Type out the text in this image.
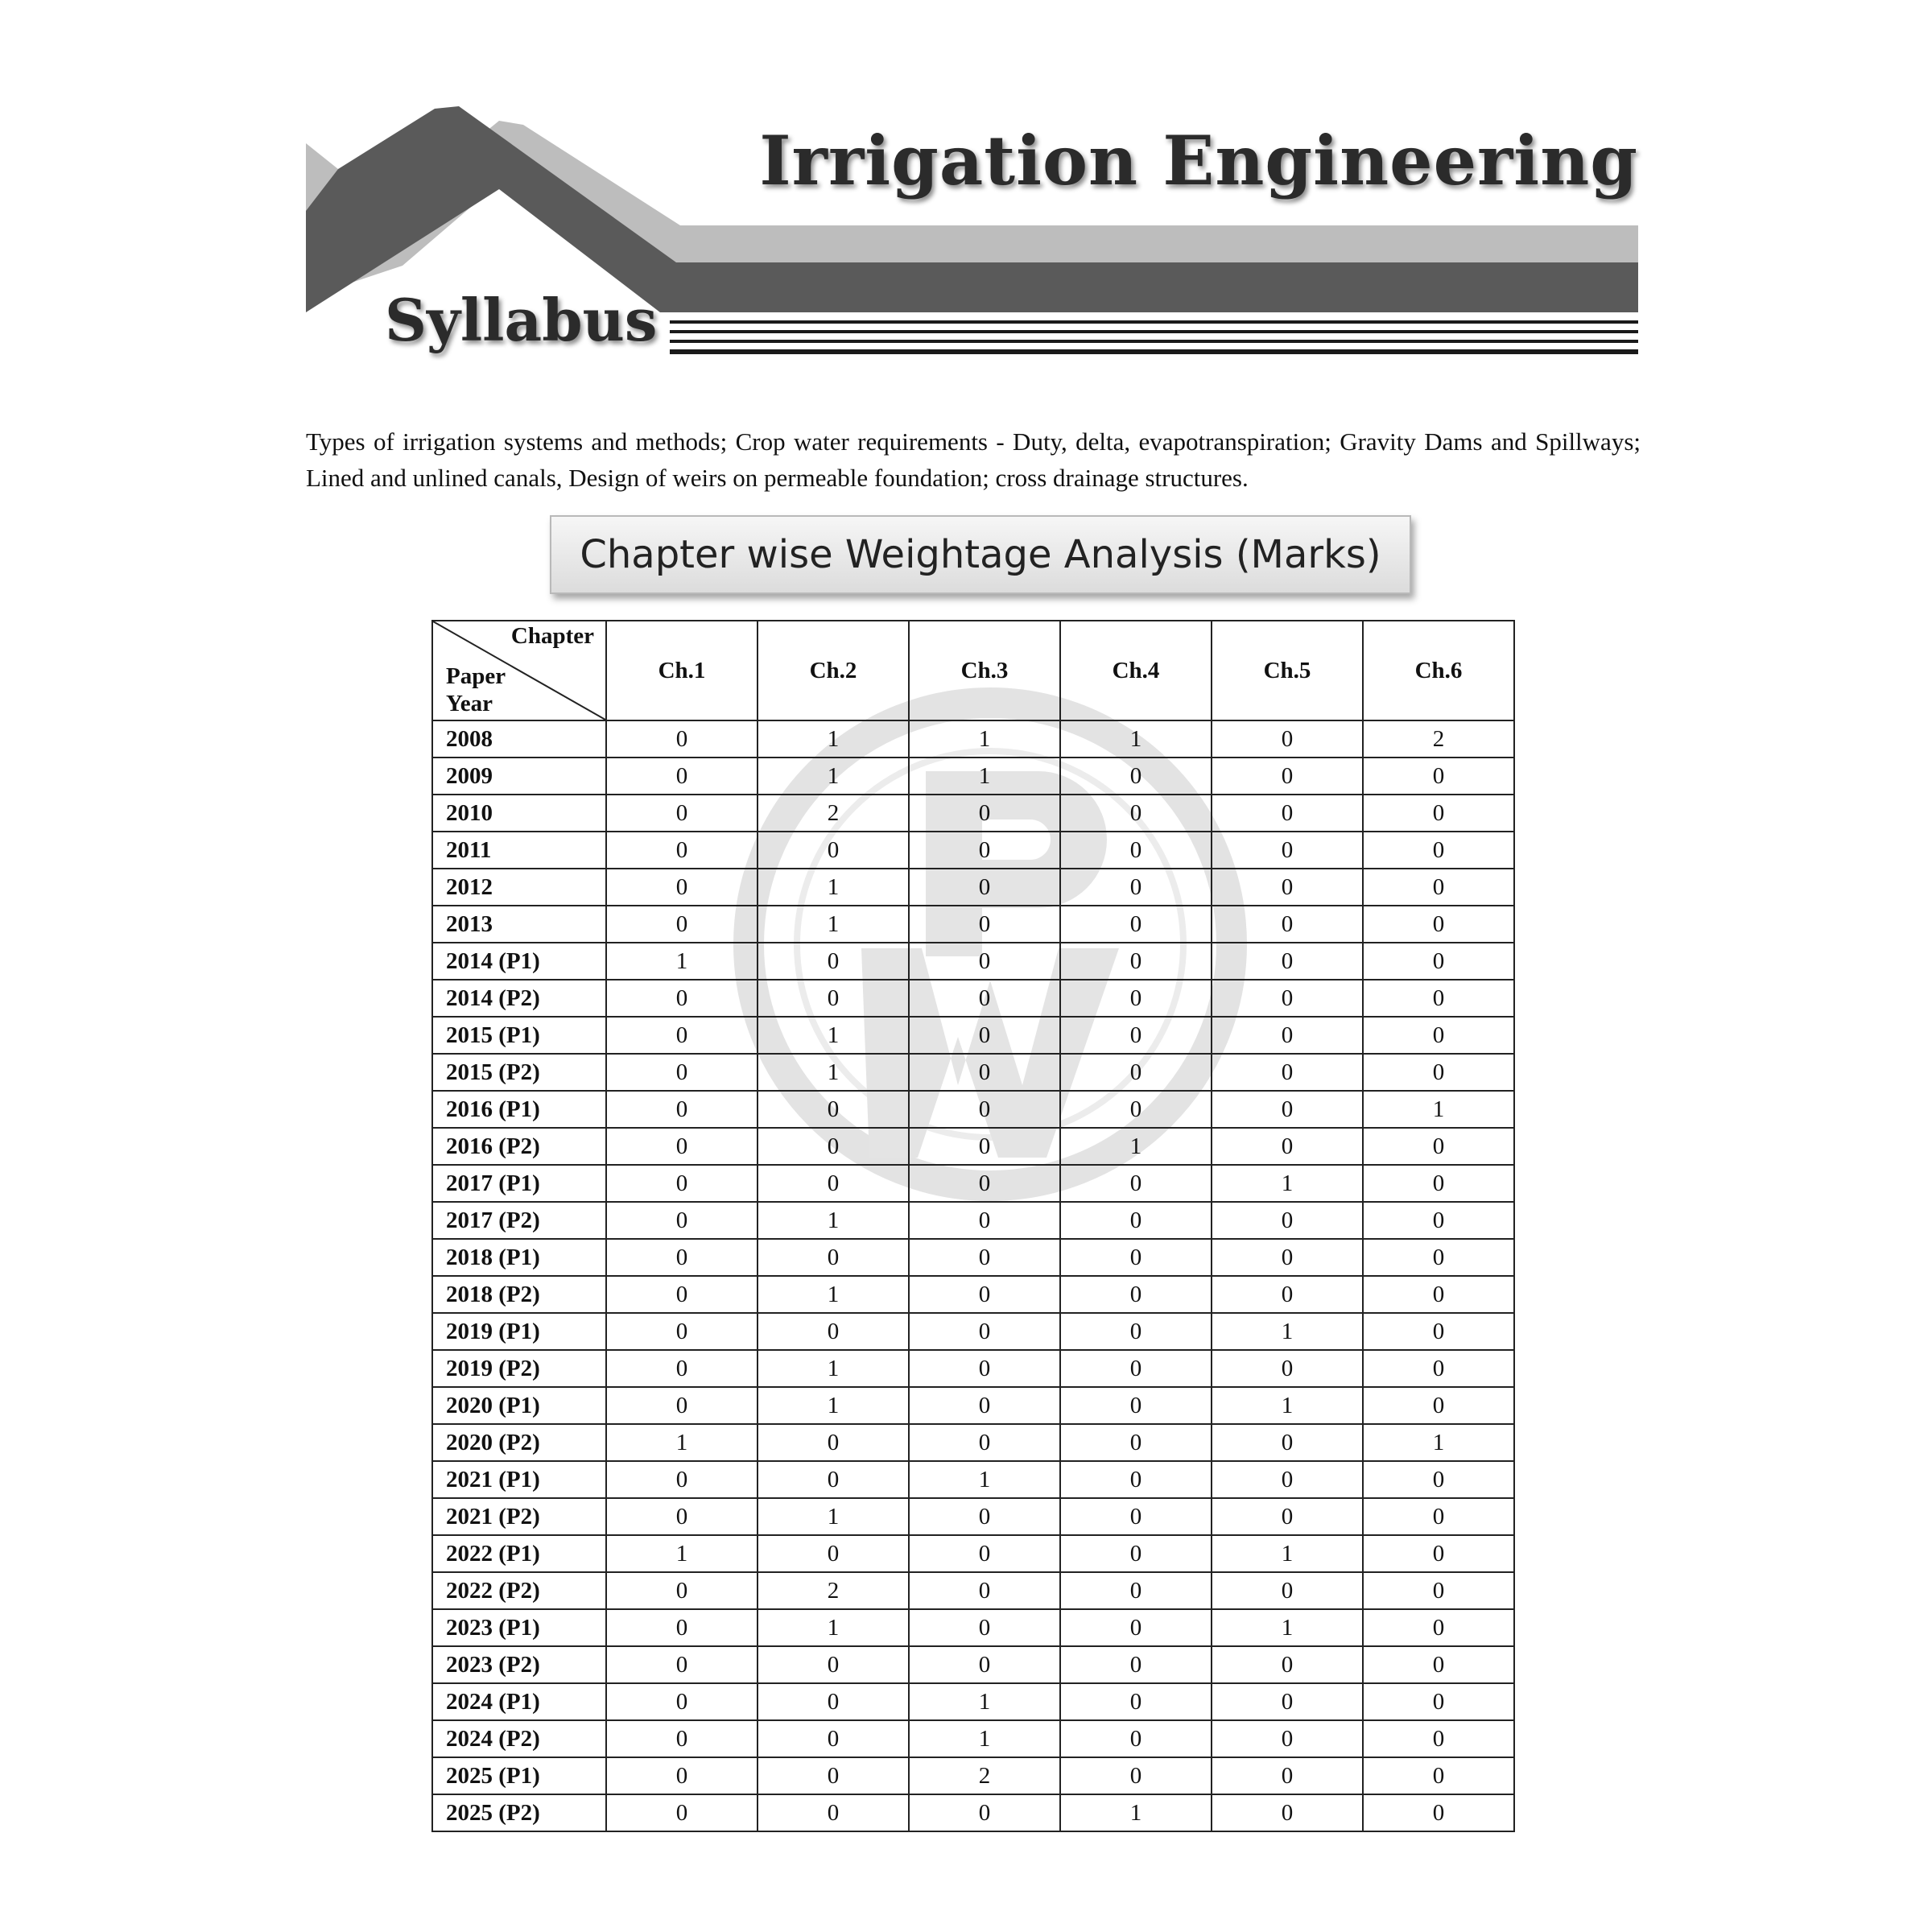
Irrigation Engineering
Syllabus

Types of irrigation systems and methods; Crop water requirements - Duty, delta, evapotranspiration; Gravity Dams and Spillways; Lined and unlined canals, Design of weirs on permeable foundation; cross drainage structures.

Chapter wise Weightage Analysis (Marks)
Chapter
Paper
Year	Ch.1	Ch.2	Ch.3	Ch.4	Ch.5	Ch.6
2008	0	1	1	1	0	2
2009	0	1	1	0	0	0
2010	0	2	0	0	0	0
2011	0	0	0	0	0	0
2012	0	1	0	0	0	0
2013	0	1	0	0	0	0
2014 (P1)	1	0	0	0	0	0
2014 (P2)	0	0	0	0	0	0
2015 (P1)	0	1	0	0	0	0
2015 (P2)	0	1	0	0	0	0
2016 (P1)	0	0	0	0	0	1
2016 (P2)	0	0	0	1	0	0
2017 (P1)	0	0	0	0	1	0
2017 (P2)	0	1	0	0	0	0
2018 (P1)	0	0	0	0	0	0
2018 (P2)	0	1	0	0	0	0
2019 (P1)	0	0	0	0	1	0
2019 (P2)	0	1	0	0	0	0
2020 (P1)	0	1	0	0	1	0
2020 (P2)	1	0	0	0	0	1
2021 (P1)	0	0	1	0	0	0
2021 (P2)	0	1	0	0	0	0
2022 (P1)	1	0	0	0	1	0
2022 (P2)	0	2	0	0	0	0
2023 (P1)	0	1	0	0	1	0
2023 (P2)	0	0	0	0	0	0
2024 (P1)	0	0	1	0	0	0
2024 (P2)	0	0	1	0	0	0
2025 (P1)	0	0	2	0	0	0
2025 (P2)	0	0	0	1	0	0
